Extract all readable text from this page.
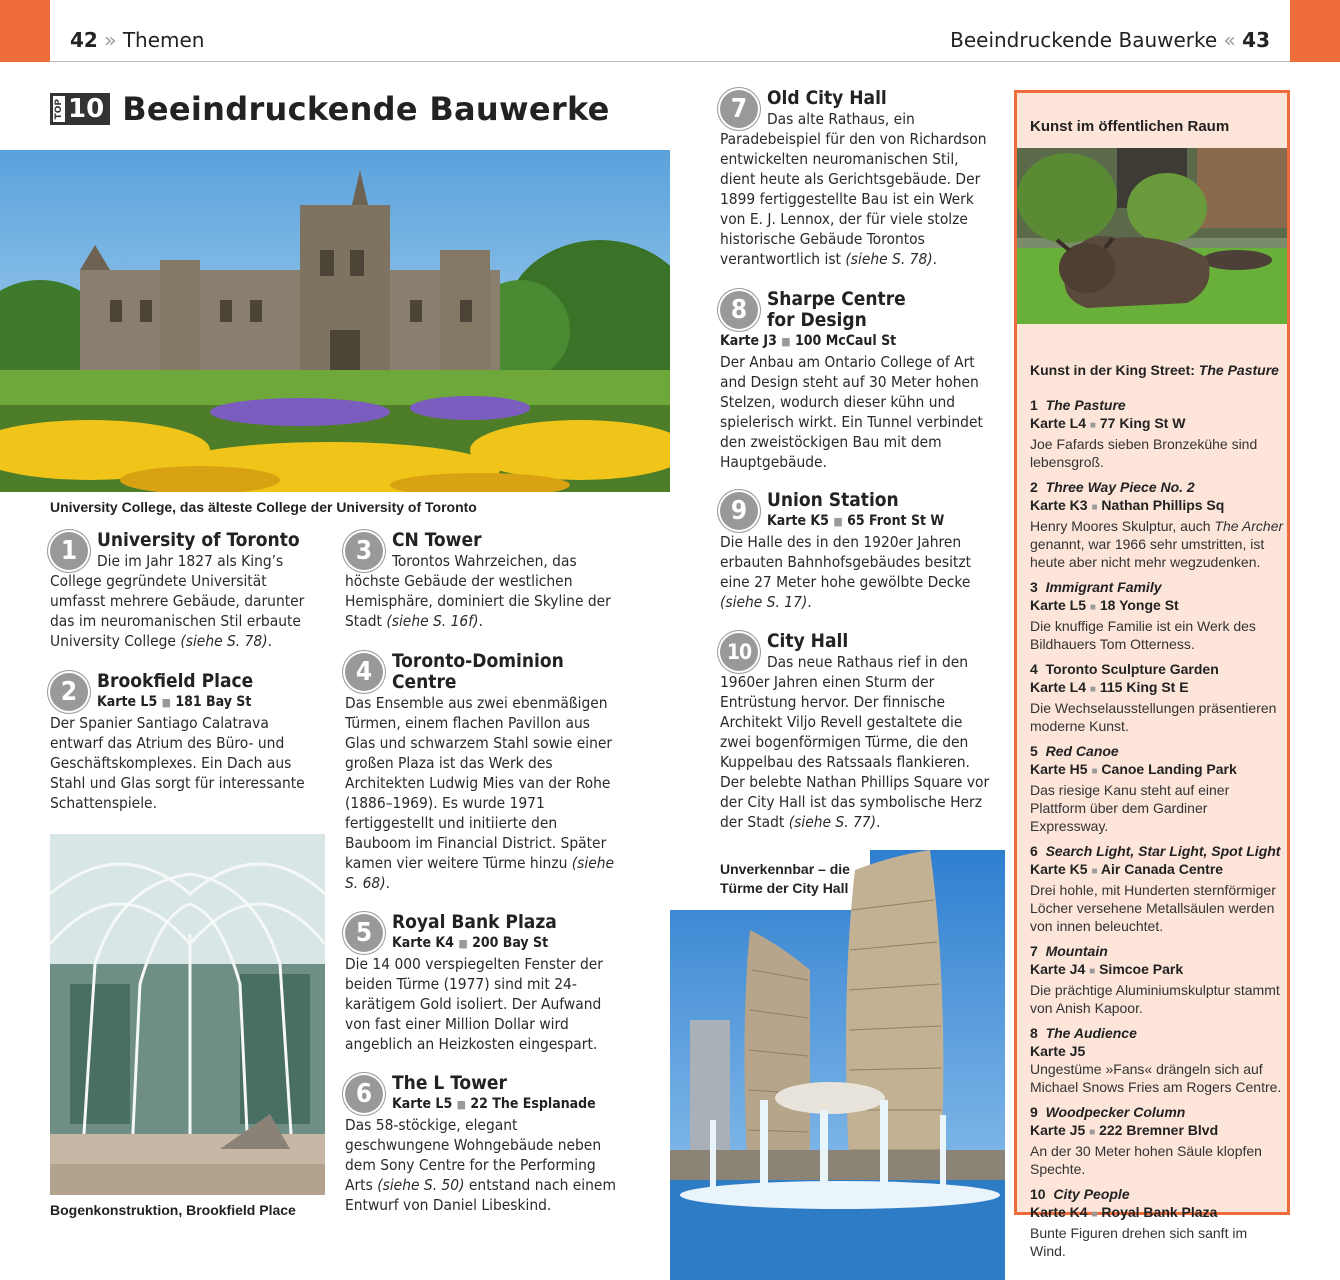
42 » Themen	Beeindruckende Bauwerke « 43
TOP 10 Beeindruckende Bauwerke
University College, das älteste College der University of Toronto
1	University of Toronto
Die im Jahr 1827 als King’s College gegründete Universität umfasst mehrere Gebäude, darunter das im neuromanischen Stil erbaute University College (siehe S. 78).
2	Brookfield Place
Karte L5 ■ 181 Bay St
Der Spanier Santiago Calatrava entwarf das Atrium des Büro- und Geschäftskomplexes. Ein Dach aus Stahl und Glas sorgt für interessante Schattenspiele.
Bogenkonstruktion, Brookfield Place
3	CN Tower
Torontos Wahrzeichen, das höchste Gebäude der westlichen Hemisphäre, dominiert die Skyline der Stadt (siehe S. 16f).
4	Toronto-Dominion
Centre
Das Ensemble aus zwei ebenmäßigen Türmen, einem flachen Pavillon aus Glas und schwarzem Stahl sowie einer großen Plaza ist das Werk des Architekten Ludwig Mies van der Rohe (1886–1969). Es wurde 1971 fertiggestellt und initiierte den Bauboom im Financial District. Später kamen vier weitere Türme hinzu (siehe S. 68).
5	Royal Bank Plaza
Karte K4 ■ 200 Bay St
Die 14 000 verspiegelten Fenster der beiden Türme (1977) sind mit 24-karätigem Gold isoliert. Der Aufwand von fast einer Million Dollar wird angeblich an Heizkosten eingespart.
6	The L Tower
Karte L5 ■ 22 The Esplanade
Das 58-stöckige, elegant geschwungene Wohngebäude neben dem Sony Centre for the Performing Arts (siehe S. 50) entstand nach einem Entwurf von Daniel Libeskind.
7	Old City Hall
Das alte Rathaus, ein Paradebeispiel für den von Richardson entwickelten neuromanischen Stil, dient heute als Gerichtsgebäude. Der 1899 fertiggestellte Bau ist ein Werk von E. J. Lennox, der für viele stolze historische Gebäude Torontos verantwortlich ist (siehe S. 78).
8	Sharpe Centre
for Design
Karte J3 ■ 100 McCaul St
Der Anbau am Ontario College of Art and Design steht auf 30 Meter hohen Stelzen, wodurch dieser kühn und spielerisch wirkt. Ein Tunnel verbindet den zweistöckigen Bau mit dem Hauptgebäude.
9	Union Station
Karte K5 ■ 65 Front St W
Die Halle des in den 1920er Jahren erbauten Bahnhofsgebäudes besitzt eine 27 Meter hohe gewölbte Decke (siehe S. 17).
10 City Hall
Das neue Rathaus rief in den 1960er Jahren einen Sturm der Entrüstung hervor. Der finnische Architekt Viljo Revell gestaltete die zwei bogenförmigen Türme, die den Kuppelbau des Ratssaals flankieren. Der belebte Nathan Phillips Square vor der City Hall ist das symbolische Herz der Stadt (siehe S. 77).
Unverkennbar – die
Türme der City Hall
Kunst im öffentlichen Raum
Kunst in der King Street: The Pasture
1 The Pasture
Karte L4 ■ 77 King St W
Joe Fafards sieben Bronzekühe sind lebensgroß.
2 Three Way Piece No. 2
Karte K3 ■ Nathan Phillips Sq
Henry Moores Skulptur, auch The Archer genannt, war 1966 sehr umstritten, ist heute aber nicht mehr wegzudenken.
3 Immigrant Family
Karte L5 ■ 18 Yonge St
Die knuffige Familie ist ein Werk des Bildhauers Tom Otterness.
4 Toronto Sculpture Garden
Karte L4 ■ 115 King St E
Die Wechselausstellungen präsentieren moderne Kunst.
5 Red Canoe
Karte H5 ■ Canoe Landing Park
Das riesige Kanu steht auf einer Plattform über dem Gardiner Expressway.
6 Search Light, Star Light, Spot Light
Karte K5 ■ Air Canada Centre
Drei hohle, mit Hunderten sternförmiger Löcher versehene Metallsäulen werden von innen beleuchtet.
7 Mountain
Karte J4 ■ Simcoe Park
Die prächtige Aluminiumskulptur stammt von Anish Kapoor.
8 The Audience
Karte J5
Ungestüme »Fans« drängeln sich auf Michael Snows Fries am Rogers Centre.
9 Woodpecker Column
Karte J5 ■ 222 Bremner Blvd
An der 30 Meter hohen Säule klopfen Spechte.
10 City People
Karte K4 ■ Royal Bank Plaza
Bunte Figuren drehen sich sanft im Wind.
